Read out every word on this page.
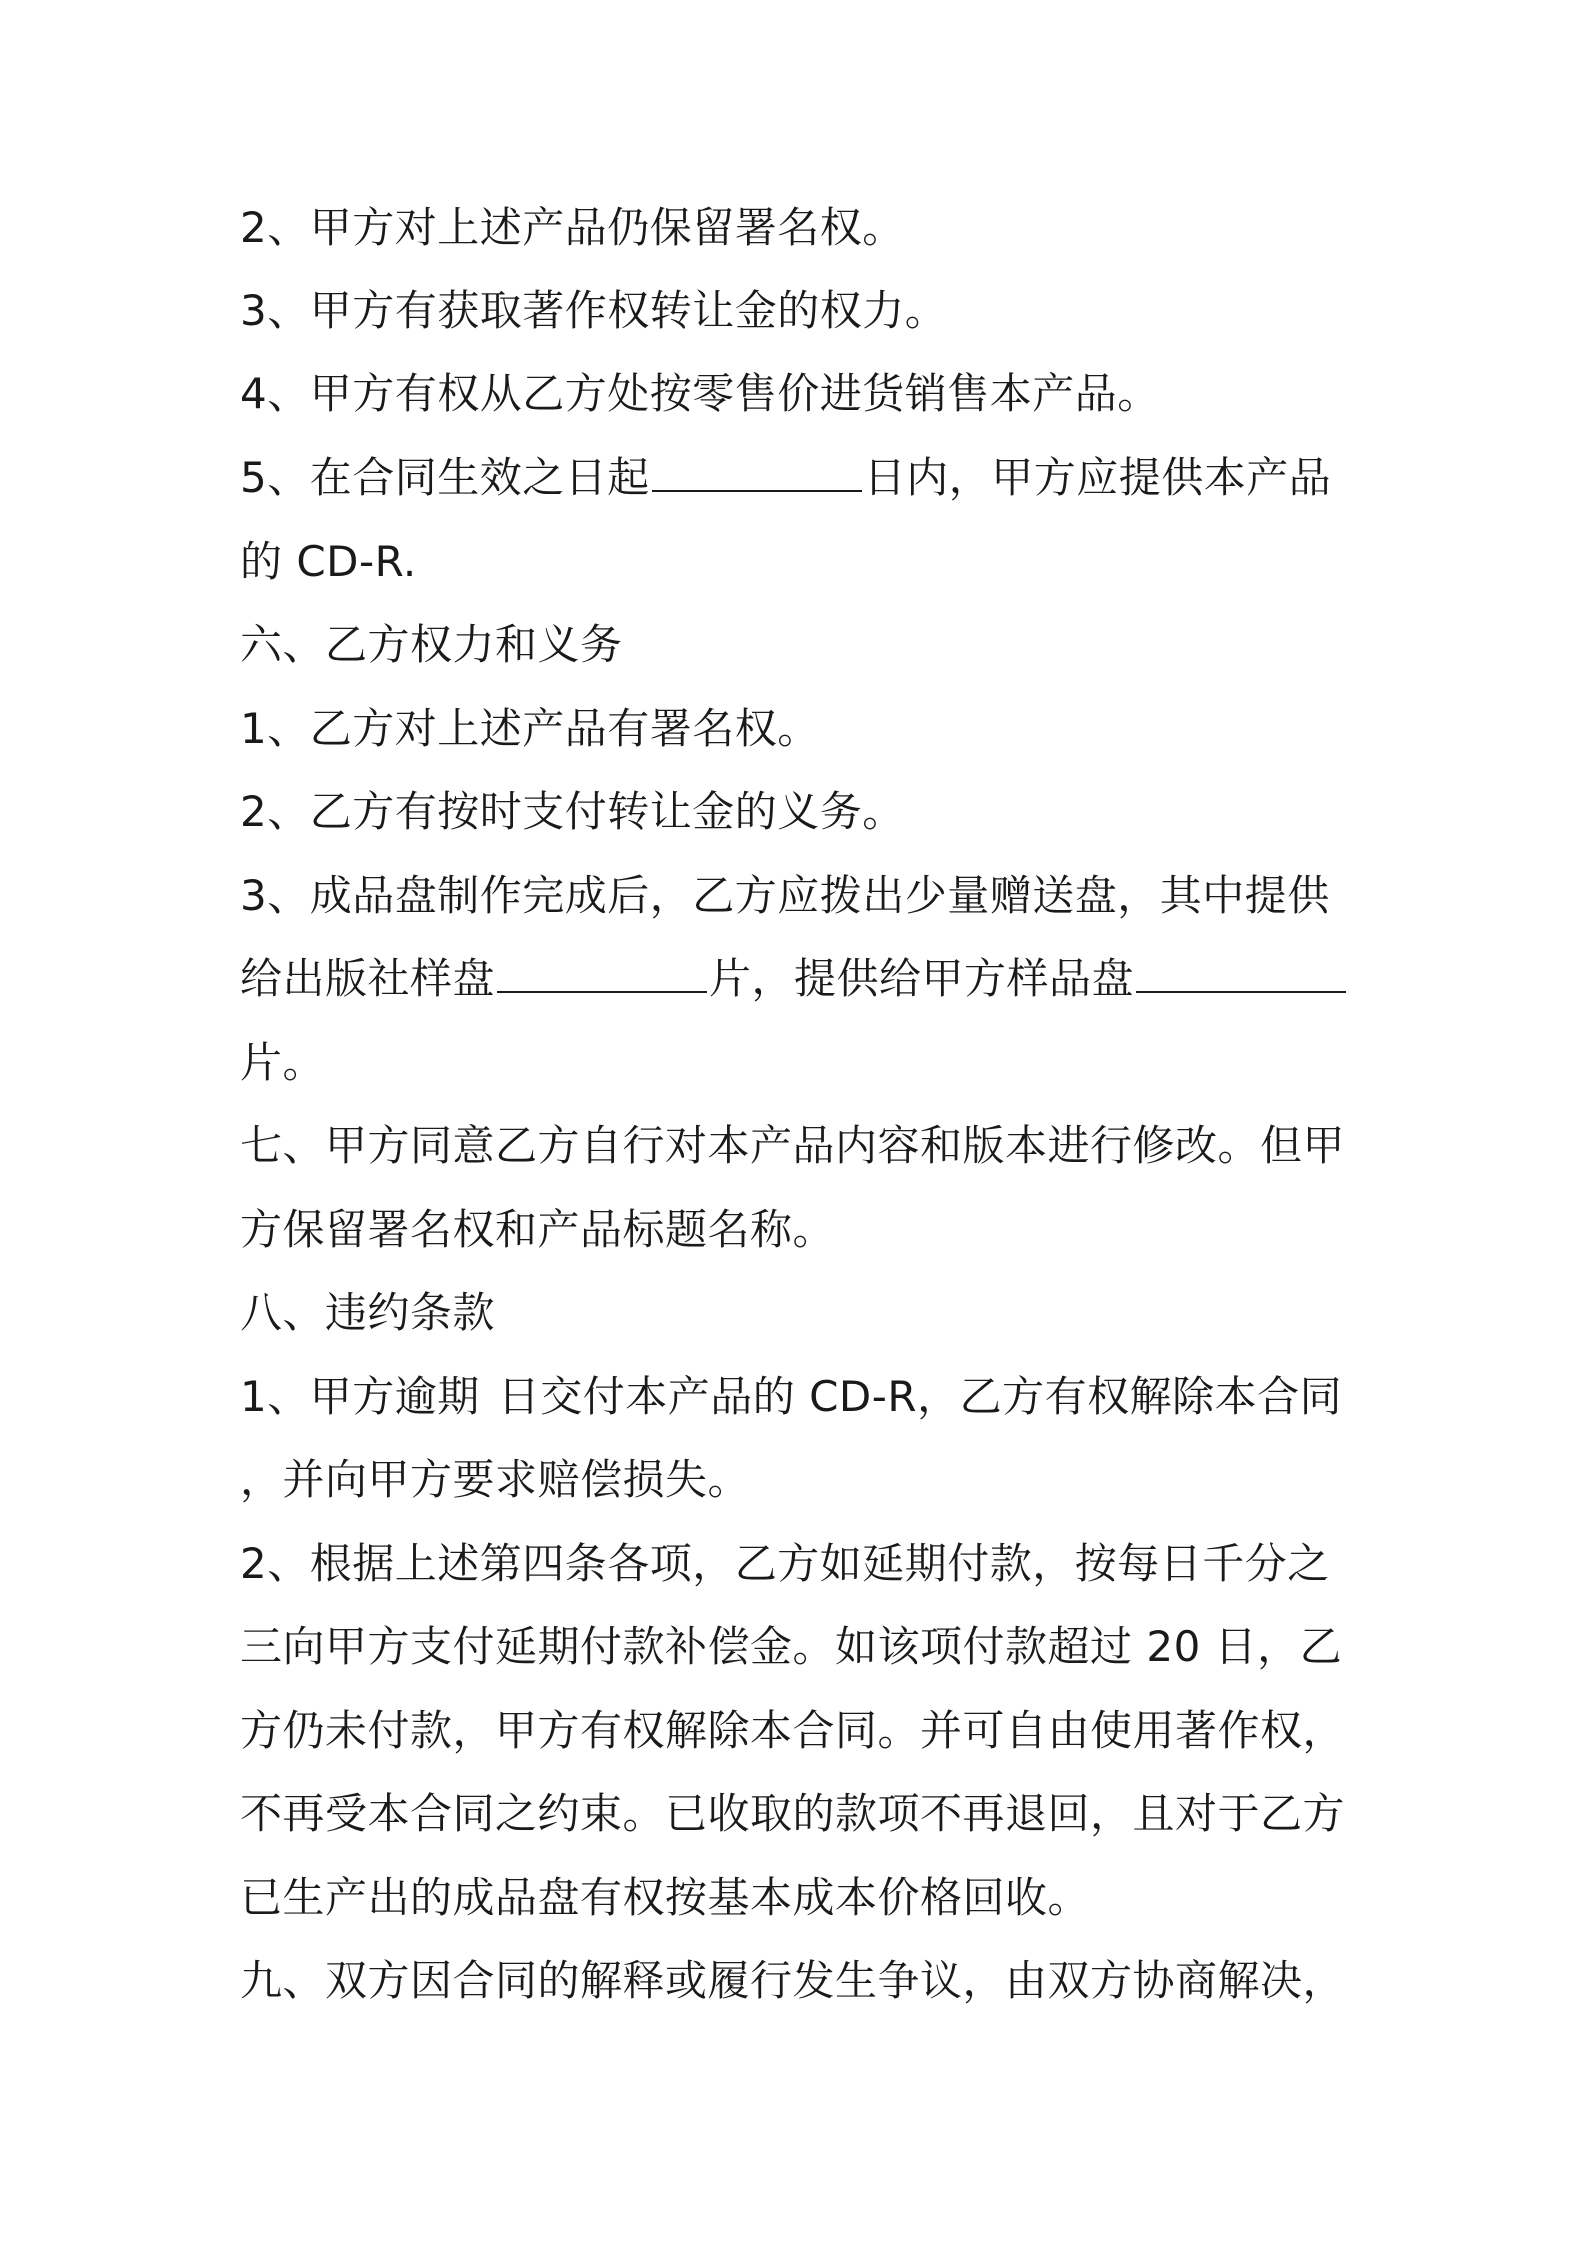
2、甲方对上述产品仍保留署名权。

3、甲方有获取著作权转让金的权力。

4、甲方有权从乙方处按零售价进货销售本产品。

5、在合同生效之日起	日内，甲方应提供本产品

的 CD-R.

六、乙方权力和义务

1、乙方对上述产品有署名权。

2、乙方有按时支付转让金的义务。

3、成品盘制作完成后，乙方应拨出少量赠送盘，其中提供

给出版社样盘	片，提供给甲方样品盘

片。

七、甲方同意乙方自行对本产品内容和版本进行修改。但甲

方保留署名权和产品标题名称。

八、违约条款

1、甲方逾期 日交付本产品的 CD-R，乙方有权解除本合同

，并向甲方要求赔偿损失。

2、根据上述第四条各项，乙方如延期付款，按每日千分之

三向甲方支付延期付款补偿金。如该项付款超过 20 日，乙

方仍未付款，甲方有权解除本合同。并可自由使用著作权，

不再受本合同之约束。已收取的款项不再退回，且对于乙方

已生产出的成品盘有权按基本成本价格回收。

九、双方因合同的解释或履行发生争议，由双方协商解决，
